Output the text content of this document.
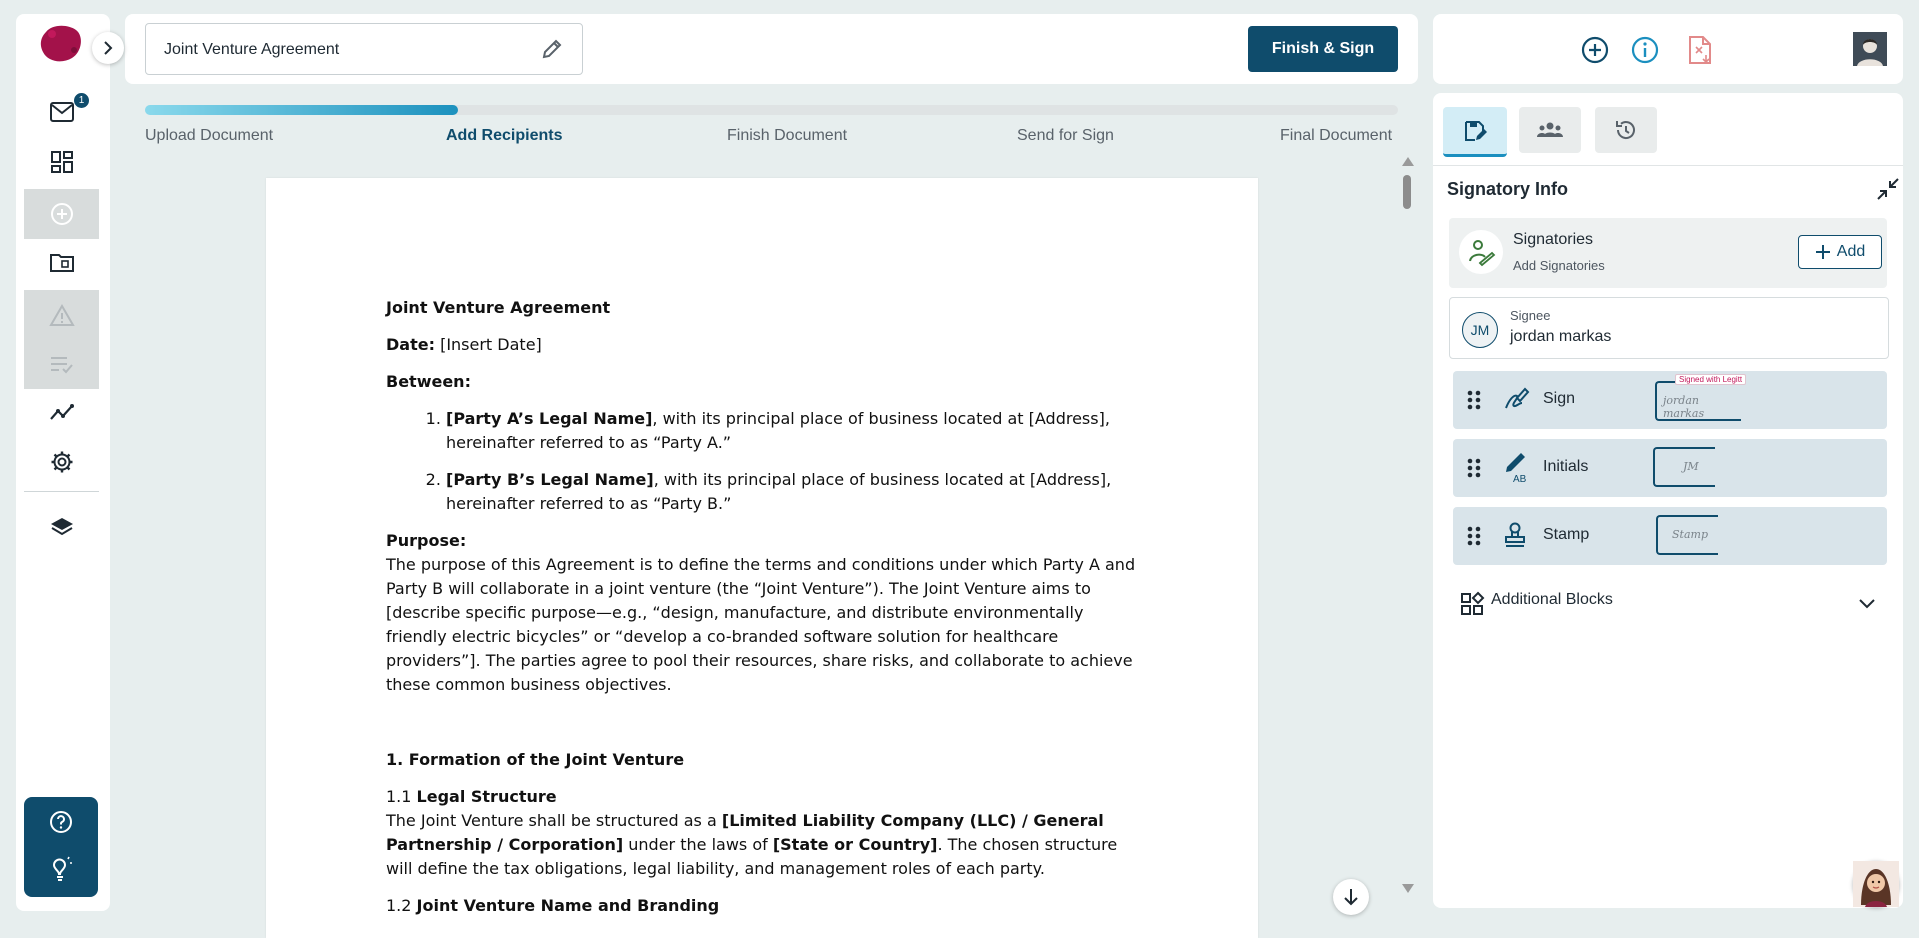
1
Joint Venture Agreement	Finish & Sign
Upload Document	Add Recipients	Finish Document	Send for Sign	Final Document

Joint Venture Agreement

Date: [Insert Date]

Between:

1. [Party A’s Legal Name], with its principal place of business located at [Address], hereinafter referred to as “Party A.”
2. [Party B’s Legal Name], with its principal place of business located at [Address], hereinafter referred to as “Party B.”

Purpose:

The purpose of this Agreement is to define the terms and conditions under which Party A and Party B will collaborate in a joint venture (the “Joint Venture”). The Joint Venture aims to [describe specific purpose—e.g., “design, manufacture, and distribute environmentally friendly electric bicycles” or “develop a co-branded software solution for healthcare providers”]. The parties agree to pool their resources, share risks, and collaborate to achieve these common business objectives.

1. Formation of the Joint Venture

1.1 Legal Structure

The Joint Venture shall be structured as a [Limited Liability Company (LLC) / General Partnership / Corporation] under the laws of [State or Country]. The chosen structure will define the tax obligations, legal liability, and management roles of each party.

1.2 Joint Venture Name and Branding

Signatory Info
Signatories
Add Signatories
Add
JM
Signee
jordan markas
Sign
Signed with Legitt
jordan markas
AB
Initials	JM
Stamp	Stamp
Additional Blocks
